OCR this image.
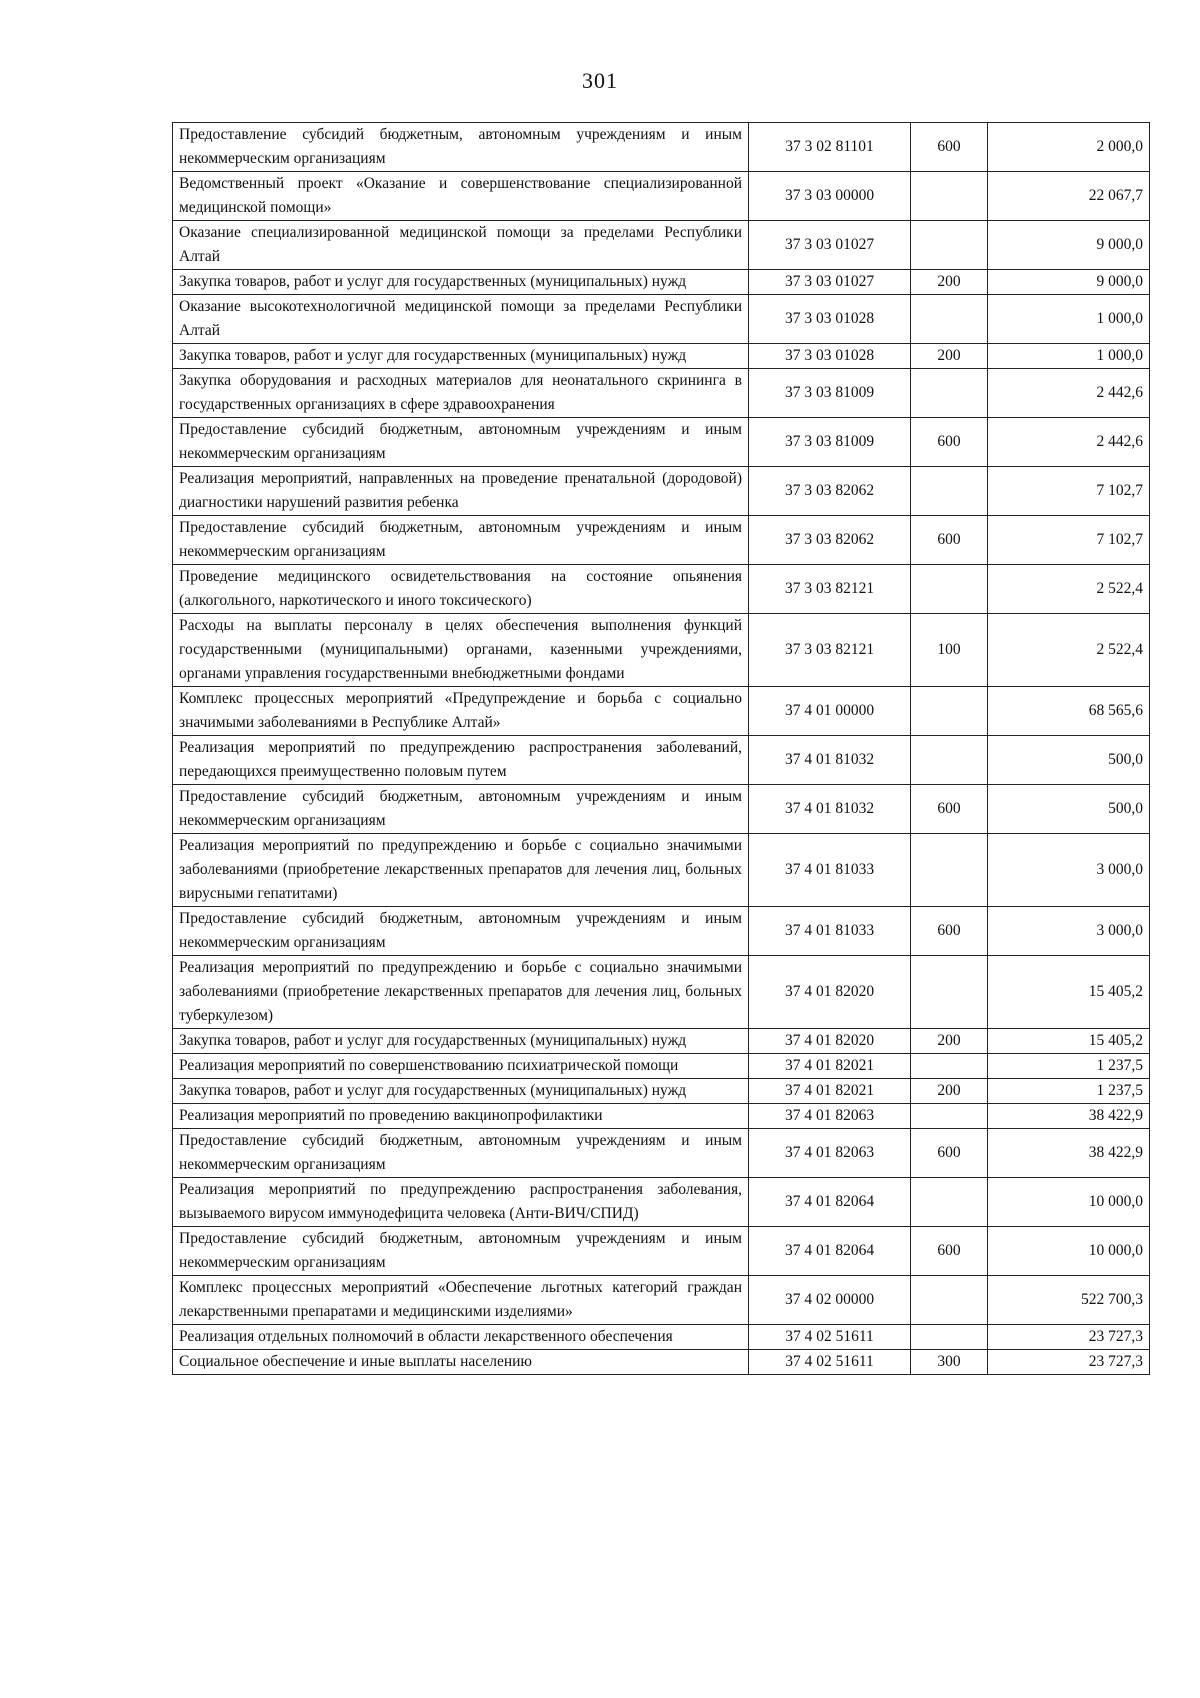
301
Предоставление субсидий бюджетным, автономным учреждениям и иным некоммерческим организациям	37 3 02 81101	600	2 000,0
Ведомственный проект «Оказание и совершенствование специализированной медицинской помощи»	37 3 03 00000		22 067,7
Оказание специализированной медицинской помощи за пределами Республики Алтай	37 3 03 01027		9 000,0
Закупка товаров, работ и услуг для государственных (муниципальных) нужд	37 3 03 01027	200	9 000,0
Оказание высокотехнологичной медицинской помощи за пределами Республики Алтай	37 3 03 01028		1 000,0
Закупка товаров, работ и услуг для государственных (муниципальных) нужд	37 3 03 01028	200	1 000,0
Закупка оборудования и расходных материалов для неонатального скрининга в государственных организациях в сфере здравоохранения	37 3 03 81009		2 442,6
Предоставление субсидий бюджетным, автономным учреждениям и иным некоммерческим организациям	37 3 03 81009	600	2 442,6
Реализация мероприятий, направленных на проведение пренатальной (дородовой) диагностики нарушений развития ребенка	37 3 03 82062		7 102,7
Предоставление субсидий бюджетным, автономным учреждениям и иным некоммерческим организациям	37 3 03 82062	600	7 102,7
Проведение медицинского освидетельствования на состояние опьянения (алкогольного, наркотического и иного токсического)	37 3 03 82121		2 522,4
Расходы на выплаты персоналу в целях обеспечения выполнения функций государственными (муниципальными) органами, казенными учреждениями, органами управления государственными внебюджетными фондами	37 3 03 82121	100	2 522,4
Комплекс процессных мероприятий «Предупреждение и борьба с социально значимыми заболеваниями в Республике Алтай»	37 4 01 00000		68 565,6
Реализация мероприятий по предупреждению распространения заболеваний, передающихся преимущественно половым путем	37 4 01 81032		500,0
Предоставление субсидий бюджетным, автономным учреждениям и иным некоммерческим организациям	37 4 01 81032	600	500,0
Реализация мероприятий по предупреждению и борьбе с социально значимыми заболеваниями (приобретение лекарственных препаратов для лечения лиц, больных вирусными гепатитами)	37 4 01 81033		3 000,0
Предоставление субсидий бюджетным, автономным учреждениям и иным некоммерческим организациям	37 4 01 81033	600	3 000,0
Реализация мероприятий по предупреждению и борьбе с социально значимыми заболеваниями (приобретение лекарственных препаратов для лечения лиц, больных туберкулезом)	37 4 01 82020		15 405,2
Закупка товаров, работ и услуг для государственных (муниципальных) нужд	37 4 01 82020	200	15 405,2
Реализация мероприятий по совершенствованию психиатрической помощи	37 4 01 82021		1 237,5
Закупка товаров, работ и услуг для государственных (муниципальных) нужд	37 4 01 82021	200	1 237,5
Реализация мероприятий по проведению вакцинопрофилактики	37 4 01 82063		38 422,9
Предоставление субсидий бюджетным, автономным учреждениям и иным некоммерческим организациям	37 4 01 82063	600	38 422,9
Реализация мероприятий по предупреждению распространения заболевания, вызываемого вирусом иммунодефицита человека (Анти-ВИЧ/СПИД)	37 4 01 82064		10 000,0
Предоставление субсидий бюджетным, автономным учреждениям и иным некоммерческим организациям	37 4 01 82064	600	10 000,0
Комплекс процессных мероприятий «Обеспечение льготных категорий граждан лекарственными препаратами и медицинскими изделиями»	37 4 02 00000		522 700,3
Реализация отдельных полномочий в области лекарственного обеспечения	37 4 02 51611		23 727,3
Социальное обеспечение и иные выплаты населению	37 4 02 51611	300	23 727,3
